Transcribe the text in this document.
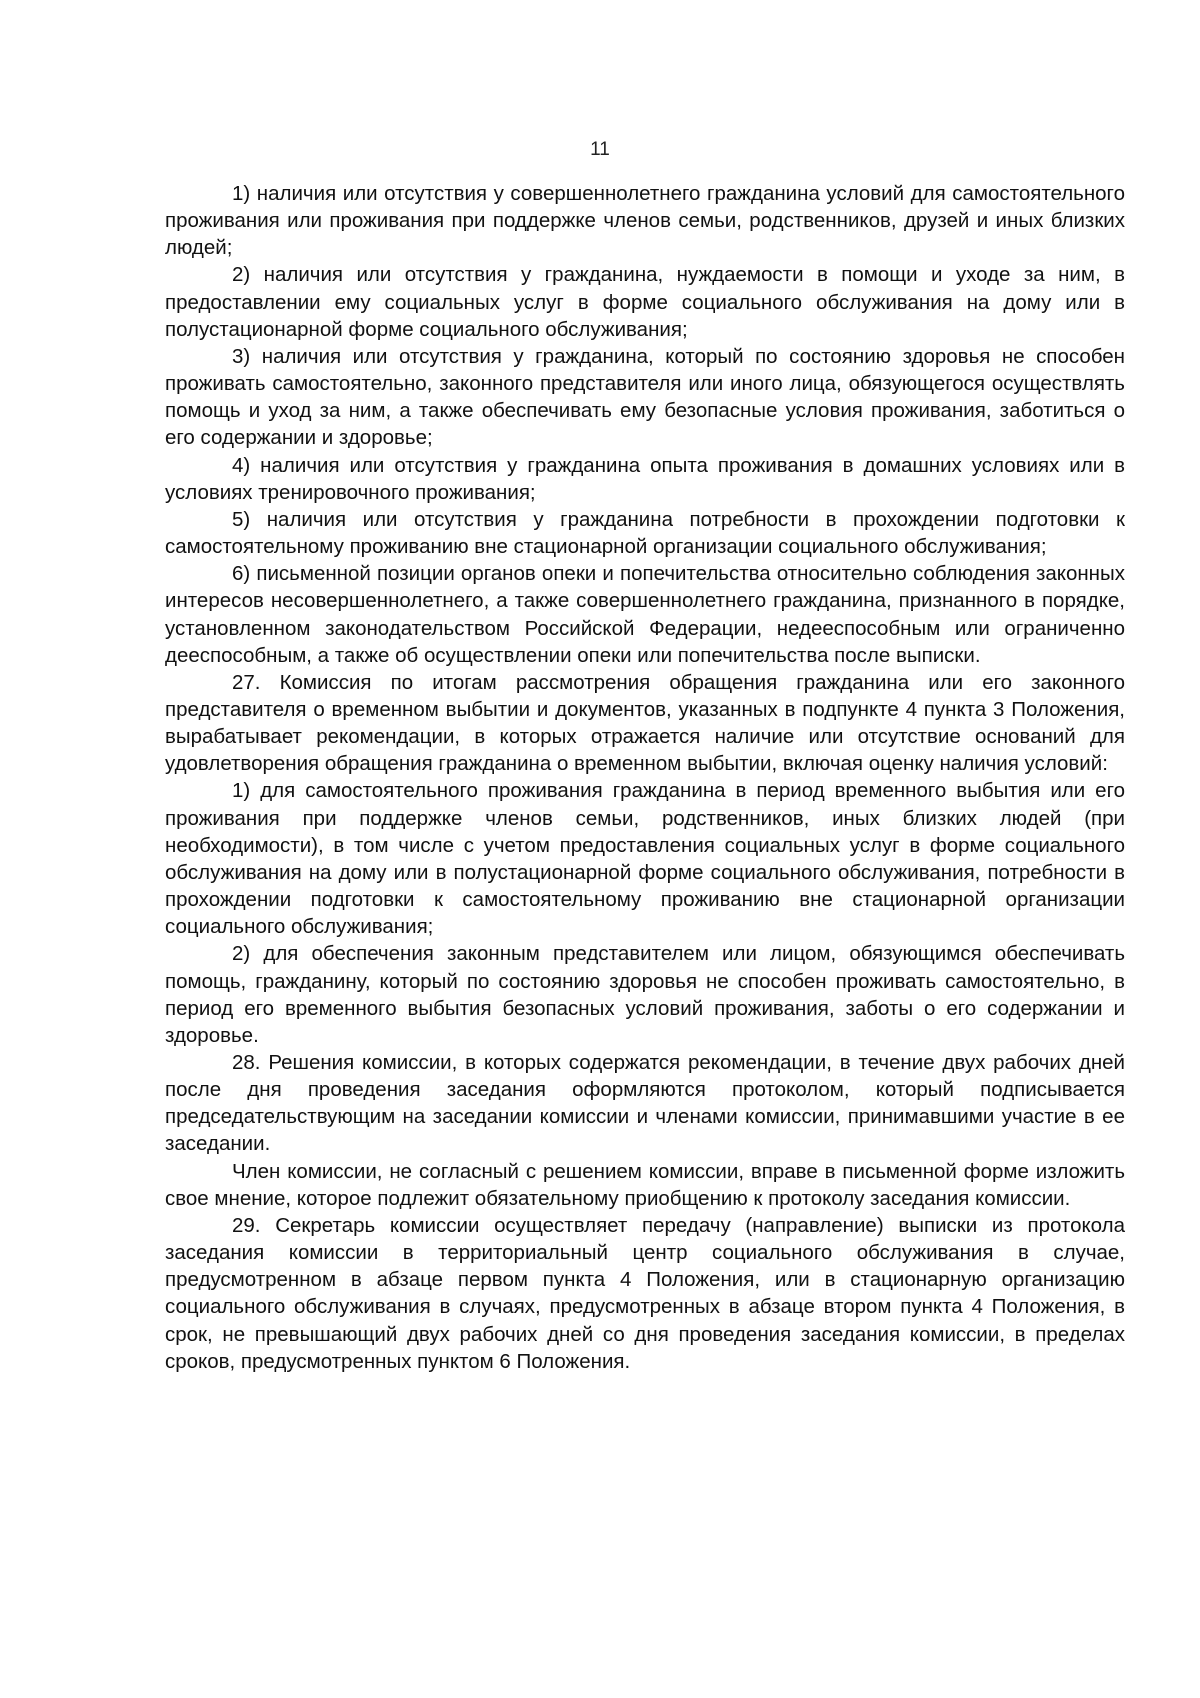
11

1) наличия или отсутствия у совершеннолетнего гражданина условий для самостоятельного проживания или проживания при поддержке членов семьи, родственников, друзей и иных близких людей;

2) наличия или отсутствия у гражданина, нуждаемости в помощи и уходе за ним, в предоставлении ему социальных услуг в форме социального обслуживания на дому или в полустационарной форме социального обслуживания;

3) наличия или отсутствия у гражданина, который по состоянию здоровья не способен проживать самостоятельно, законного представителя или иного лица, обязующегося осуществлять помощь и уход за ним, а также обеспечивать ему безопасные условия проживания, заботиться о его содержании и здоровье;

4) наличия или отсутствия у гражданина опыта проживания в домашних условиях или в условиях тренировочного проживания;

5) наличия или отсутствия у гражданина потребности в прохождении подготовки к самостоятельному проживанию вне стационарной организации социального обслуживания;

6) письменной позиции органов опеки и попечительства относительно соблюдения законных интересов несовершеннолетнего, а также совершеннолетнего гражданина, признанного в порядке, установленном законодательством Российской Федерации, недееспособным или ограниченно дееспособным, а также об осуществлении опеки или попечительства после выписки.

27. Комиссия по итогам рассмотрения обращения гражданина или его законного представителя о временном выбытии и документов, указанных в подпункте 4 пункта 3 Положения, вырабатывает рекомендации, в которых отражается наличие или отсутствие оснований для удовлетворения обращения гражданина о временном выбытии, включая оценку наличия условий:

1) для самостоятельного проживания гражданина в период временного выбытия или его проживания при поддержке членов семьи, родственников, иных близких людей (при необходимости), в том числе с учетом предоставления социальных услуг в форме социального обслуживания на дому или в полустационарной форме социального обслуживания, потребности в прохождении подготовки к самостоятельному проживанию вне стационарной организации социального обслуживания;

2) для обеспечения законным представителем или лицом, обязующимся обеспечивать помощь, гражданину, который по состоянию здоровья не способен проживать самостоятельно, в период его временного выбытия безопасных условий проживания, заботы о его содержании и здоровье.

28. Решения комиссии, в которых содержатся рекомендации, в течение двух рабочих дней после дня проведения заседания оформляются протоколом, который подписывается председательствующим на заседании комиссии и членами комиссии, принимавшими участие в ее заседании.

Член комиссии, не согласный с решением комиссии, вправе в письменной форме изложить свое мнение, которое подлежит обязательному приобщению к протоколу заседания комиссии.

29. Секретарь комиссии осуществляет передачу (направление) выписки из протокола заседания комиссии в территориальный центр социального обслуживания в случае, предусмотренном в абзаце первом пункта 4 Положения, или в стационарную организацию социального обслуживания в случаях, предусмотренных в абзаце втором пункта 4 Положения, в срок, не превышающий двух рабочих дней со дня проведения заседания комиссии, в пределах сроков, предусмотренных пунктом 6 Положения.
